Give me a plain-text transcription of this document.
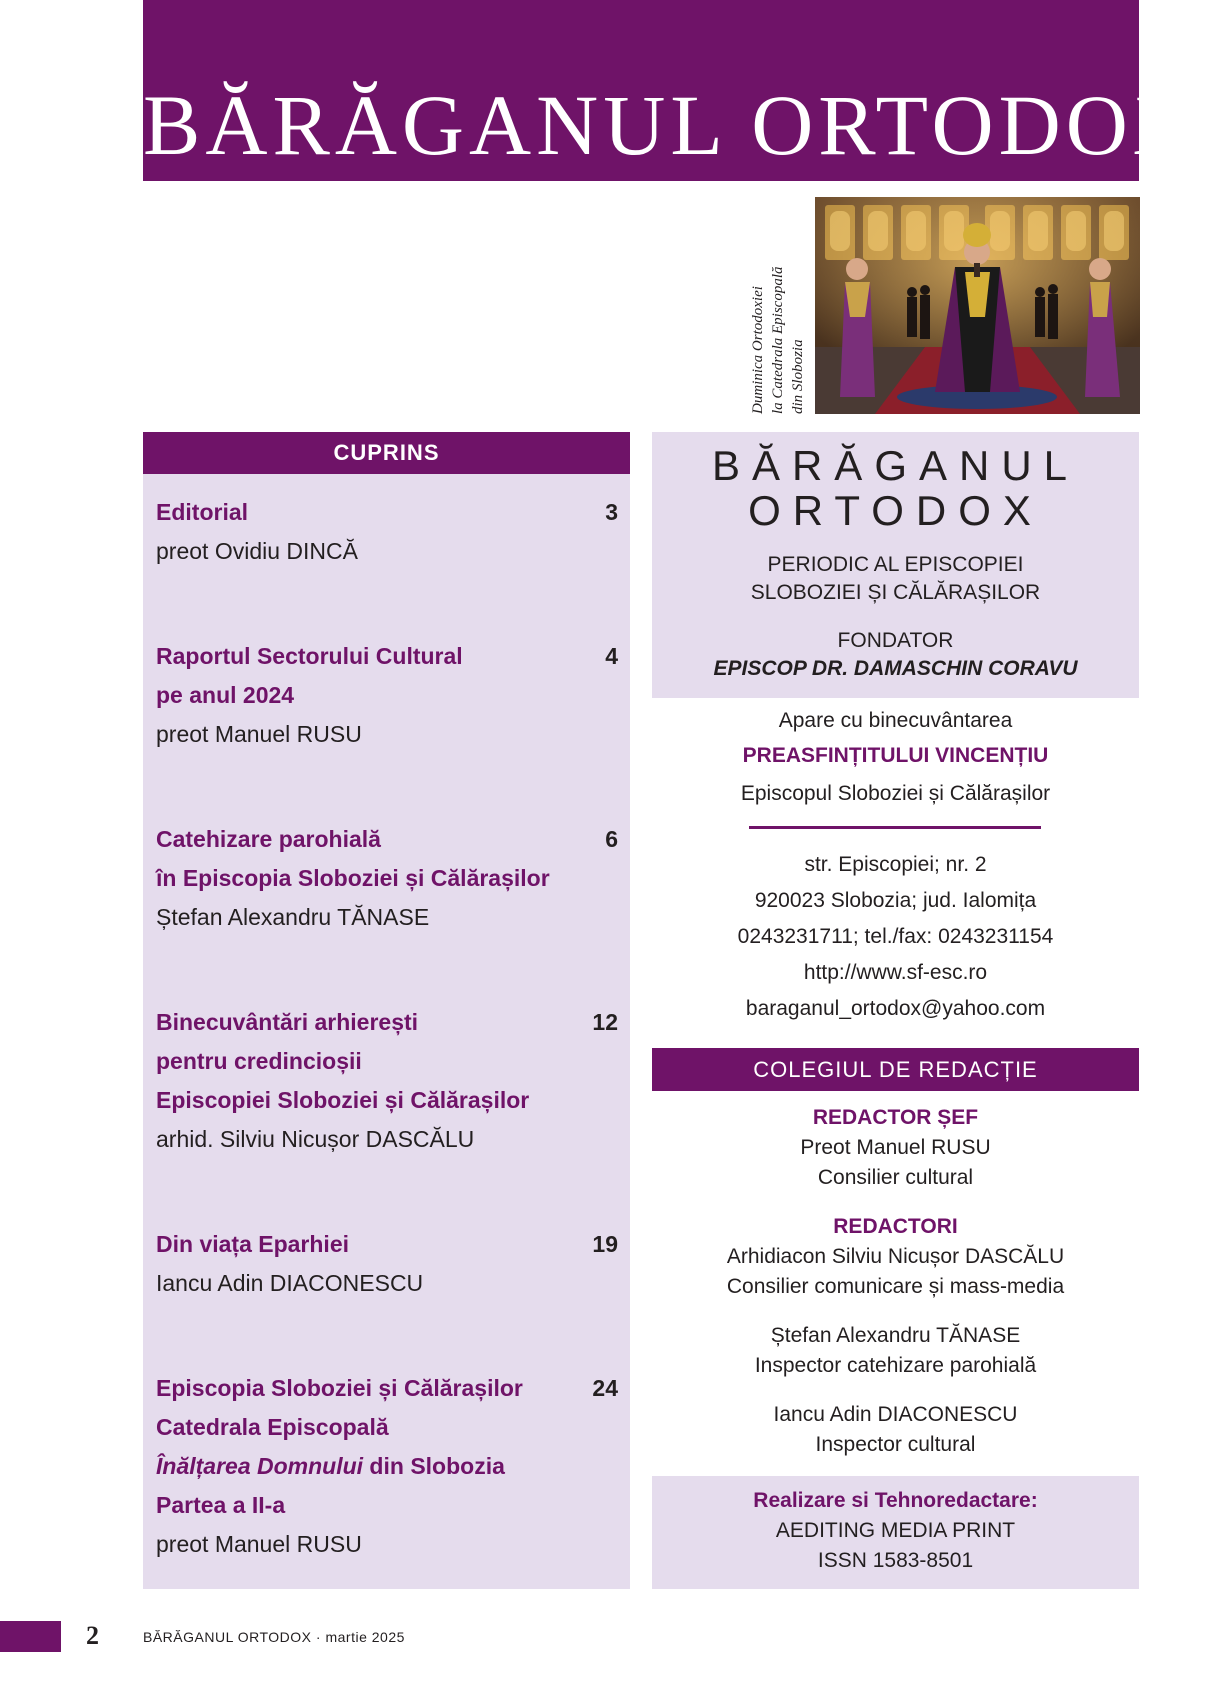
BĂRĂGANUL ORTODOX
Duminica Ortodoxiei la Catedrala Episcopală din Slobozia
CUPRINS
Editorial
preot Ovidiu DINCĂ
3
Raportul Sectorului Cultural
pe anul 2024
preot Manuel RUSU
4
Catehizare parohială
în Episcopia Sloboziei și Călărașilor
Ștefan Alexandru TĂNASE
6
Binecuvântări arhierești
pentru credincioșii
Episcopiei Sloboziei și Călărașilor
arhid. Silviu Nicușor DASCĂLU
12
Din viața Eparhiei
Iancu Adin DIACONESCU
19
Episcopia Sloboziei și Călărașilor
Catedrala Episcopală
Înălțarea Domnului din Slobozia
Partea a II-a
preot Manuel RUSU
24
BĂRĂGANUL
ORTODOX
PERIODIC AL EPISCOPIEI
SLOBOZIEI ȘI CĂLĂRAȘILOR
FONDATOR
EPISCOP DR. DAMASCHIN CORAVU
Apare cu binecuvântarea
PREASFINȚITULUI VINCENȚIU
Episcopul Sloboziei și Călărașilor
str. Episcopiei; nr. 2
920023 Slobozia; jud. Ialomița
0243231711; tel./fax: 0243231154
http://www.sf-esc.ro
baraganul_ortodox@yahoo.com
COLEGIUL DE REDACȚIE
REDACTOR ȘEF
Preot Manuel RUSU
Consilier cultural
REDACTORI
Arhidiacon Silviu Nicușor DASCĂLU
Consilier comunicare și mass-media
Ștefan Alexandru TĂNASE
Inspector catehizare parohială
Iancu Adin DIACONESCU
Inspector cultural
Realizare si Tehnoredactare:
AEDITING MEDIA PRINT
ISSN 1583-8501
2	BĂRĂGANUL ORTODOX · martie 2025
